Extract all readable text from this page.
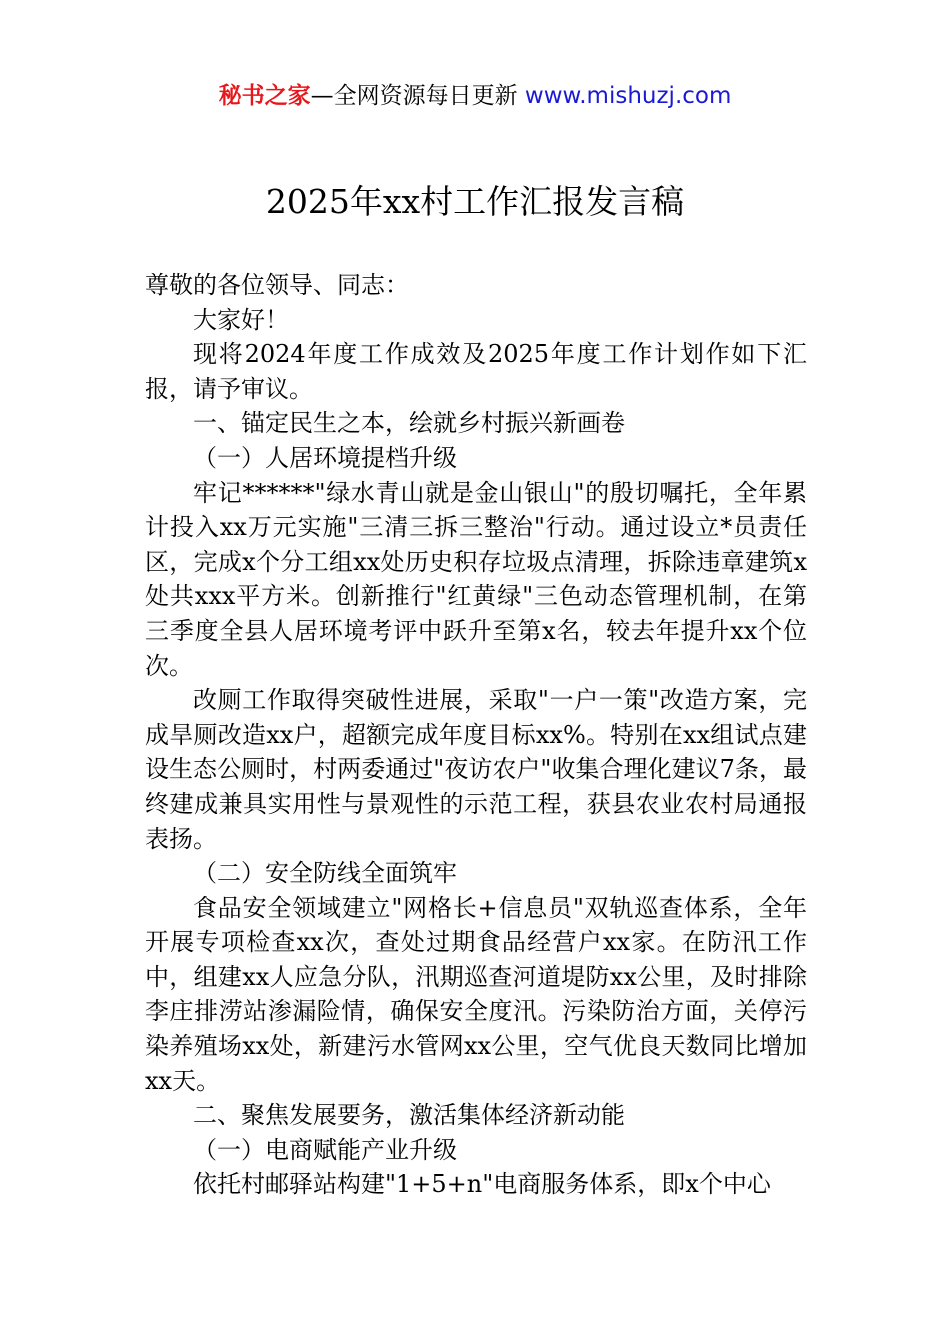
秘书之家—全网资源每日更新 www.mishuzj.com
2025年xx村工作汇报发言稿

尊敬的各位领导、同志：

大家好！

现将2024年度工作成效及2025年度工作计划作如下汇报，请予审议。

一、锚定民生之本，绘就乡村振兴新画卷

（一）人居环境提档升级

牢记******"绿水青山就是金山银山"的殷切嘱托，全年累计投入xx万元实施"三清三拆三整治"行动。通过设立*员责任区，完成x个分工组xx处历史积存垃圾点清理，拆除违章建筑x处共xxx平方米。创新推行"红黄绿"三色动态管理机制，在第三季度全县人居环境考评中跃升至第x名，较去年提升xx个位次。

改厕工作取得突破性进展，采取"一户一策"改造方案，完成旱厕改造xx户，超额完成年度目标xx%。特别在xx组试点建设生态公厕时，村两委通过"夜访农户"收集合理化建议7条，最终建成兼具实用性与景观性的示范工程，获县农业农村局通报表扬。

（二）安全防线全面筑牢

食品安全领域建立"网格长+信息员"双轨巡查体系，全年开展专项检查xx次，查处过期食品经营户xx家。在防汛工作中，组建xx人应急分队，汛期巡查河道堤防xx公里，及时排除李庄排涝站渗漏险情，确保安全度汛。污染防治方面，关停污染养殖场xx处，新建污水管网xx公里，空气优良天数同比增加xx天。

二、聚焦发展要务，激活集体经济新动能

（一）电商赋能产业升级

依托村邮驿站构建"1+5+n"电商服务体系，即x个中心
